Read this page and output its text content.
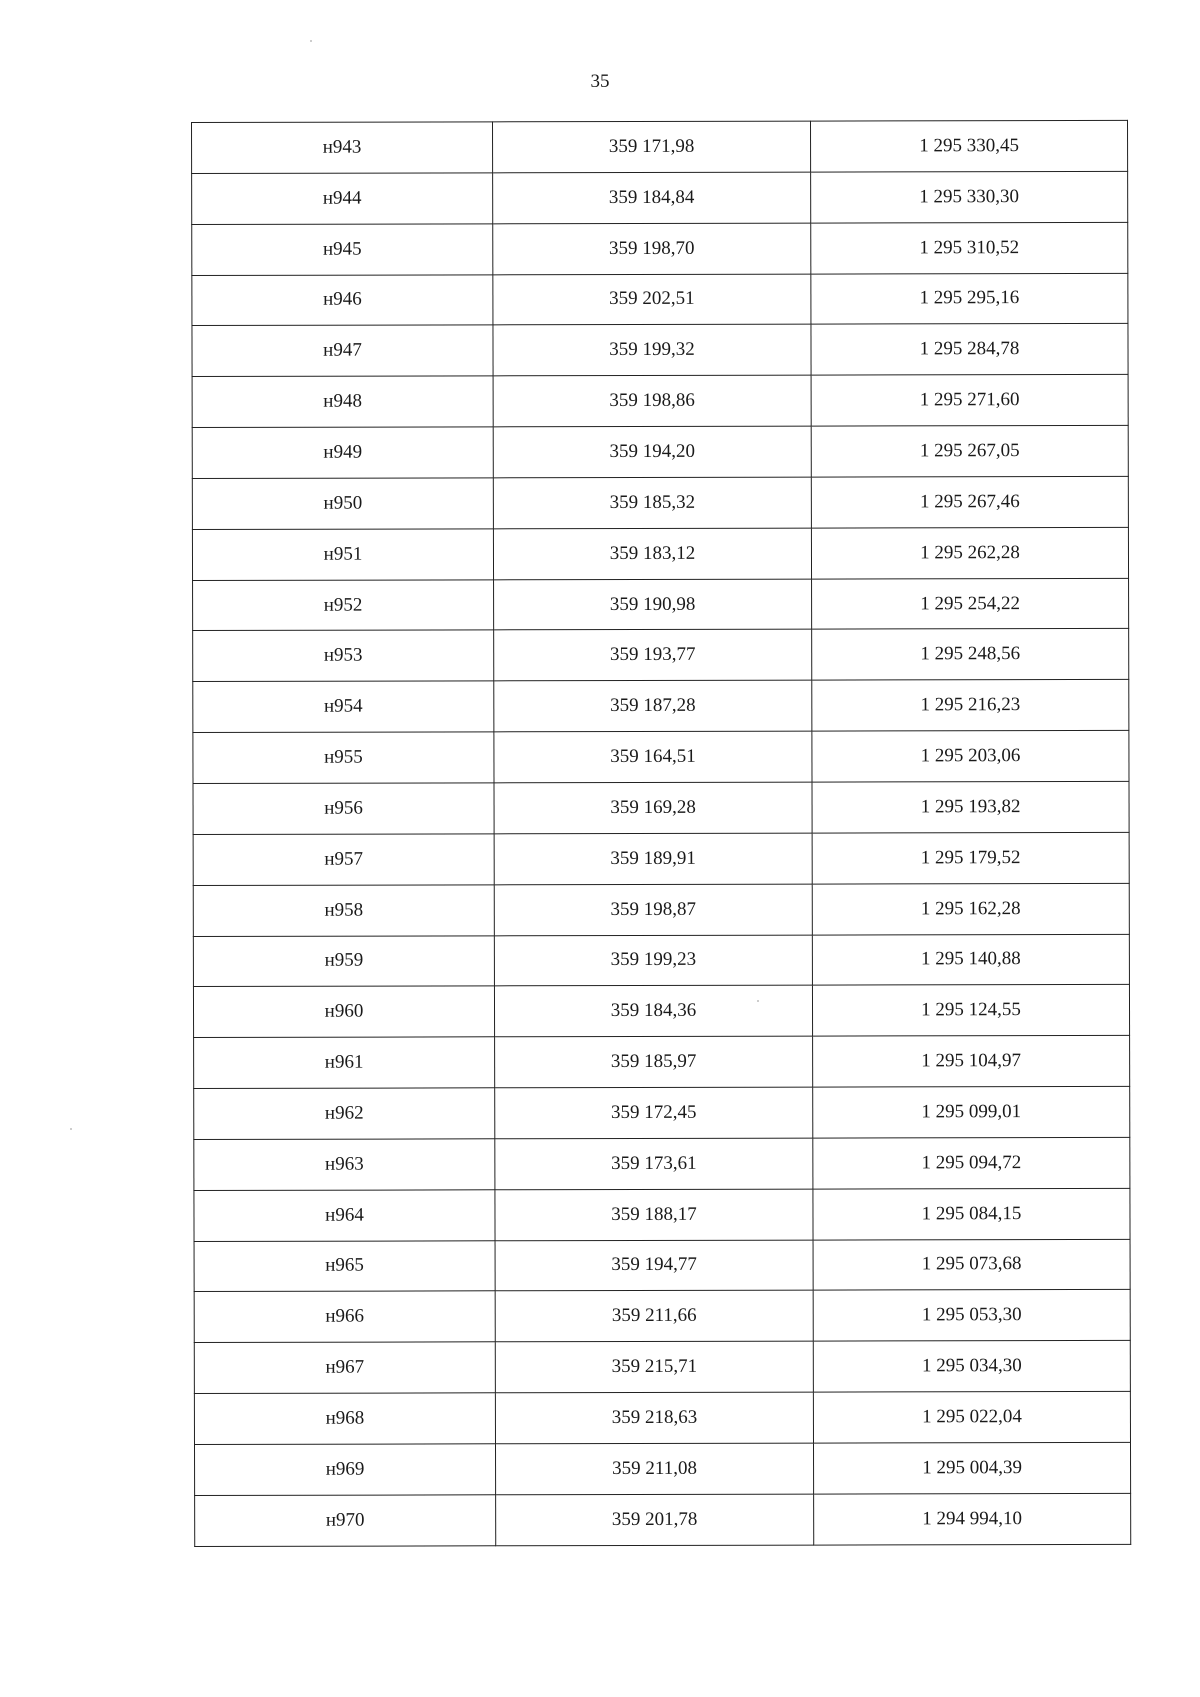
35
н943	359 171,98	1 295 330,45
н944	359 184,84	1 295 330,30
н945	359 198,70	1 295 310,52
н946	359 202,51	1 295 295,16
н947	359 199,32	1 295 284,78
н948	359 198,86	1 295 271,60
н949	359 194,20	1 295 267,05
н950	359 185,32	1 295 267,46
н951	359 183,12	1 295 262,28
н952	359 190,98	1 295 254,22
н953	359 193,77	1 295 248,56
н954	359 187,28	1 295 216,23
н955	359 164,51	1 295 203,06
н956	359 169,28	1 295 193,82
н957	359 189,91	1 295 179,52
н958	359 198,87	1 295 162,28
н959	359 199,23	1 295 140,88
н960	359 184,36	1 295 124,55
н961	359 185,97	1 295 104,97
н962	359 172,45	1 295 099,01
н963	359 173,61	1 295 094,72
н964	359 188,17	1 295 084,15
н965	359 194,77	1 295 073,68
н966	359 211,66	1 295 053,30
н967	359 215,71	1 295 034,30
н968	359 218,63	1 295 022,04
н969	359 211,08	1 295 004,39
н970	359 201,78	1 294 994,10
